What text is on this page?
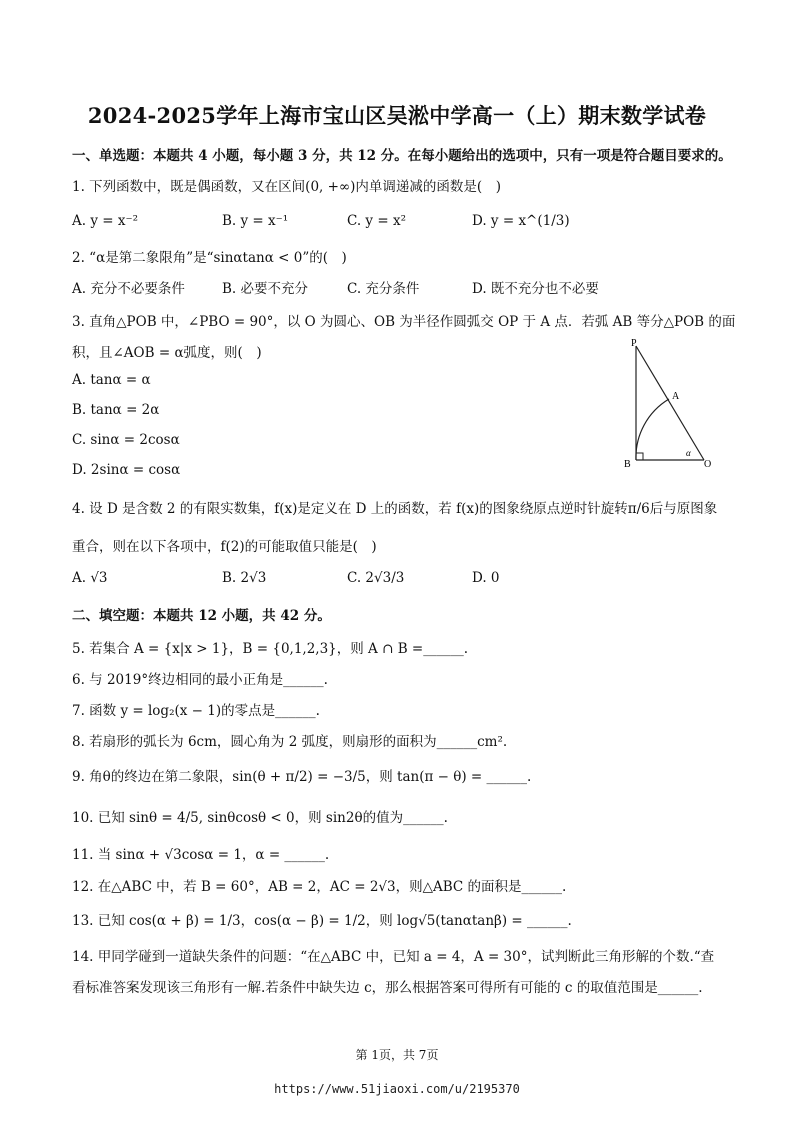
2024-2025学年上海市宝山区吴淞中学高一（上）期末数学试卷
一、单选题：本题共 4 小题，每小题 3 分，共 12 分。在每小题给出的选项中，只有一项是符合题目要求的。
1. 下列函数中，既是偶函数，又在区间(0, +∞)内单调递减的函数是(　)
A. y = x⁻²	B. y = x⁻¹	C. y = x²	D. y = x^(1/3)
2. “α是第二象限角”是“sinαtanα < 0”的(　)
A. 充分不必要条件	B. 必要不充分	C. 充分条件	D. 既不充分也不必要
3. 直角△POB 中，∠PBO = 90°，以 O 为圆心、OB 为半径作圆弧交 OP 于 A 点．若弧 AB 等分△POB 的面
积，且∠AOB = α弧度，则(　)
A. tanα = α
B. tanα = 2α
C. sinα = 2cosα
D. 2sinα = cosα
P
A
B	O
α
4. 设 D 是含数 2 的有限实数集，f(x)是定义在 D 上的函数，若 f(x)的图象绕原点逆时针旋转π/6后与原图象
重合，则在以下各项中，f(2)的可能取值只能是(　)
A. √3	B. 2√3	C. 2√3/3	D. 0
二、填空题：本题共 12 小题，共 42 分。
5. 若集合 A = {x|x > 1}，B = {0,1,2,3}，则 A ∩ B =______.
6. 与 2019°终边相同的最小正角是______.
7. 函数 y = log₂(x − 1)的零点是______.
8. 若扇形的弧长为 6cm，圆心角为 2 弧度，则扇形的面积为______cm².
9. 角θ的终边在第二象限，sin(θ + π/2) = −3/5，则 tan(π − θ) = ______.
10. 已知 sinθ = 4/5, sinθcosθ < 0，则 sin2θ的值为______.
11. 当 sinα + √3cosα = 1，α = ______.
12. 在△ABC 中，若 B = 60°，AB = 2，AC = 2√3，则△ABC 的面积是______.
13. 已知 cos(α + β) = 1/3，cos(α − β) = 1/2，则 log√5(tanαtanβ) = ______.
14. 甲同学碰到一道缺失条件的问题：“在△ABC 中，已知 a = 4，A = 30°，试判断此三角形解的个数.“查
看标准答案发现该三角形有一解.若条件中缺失边 c，那么根据答案可得所有可能的 c 的取值范围是______.
第 1页，共 7页
https://www.51jiaoxi.com/u/2195370
